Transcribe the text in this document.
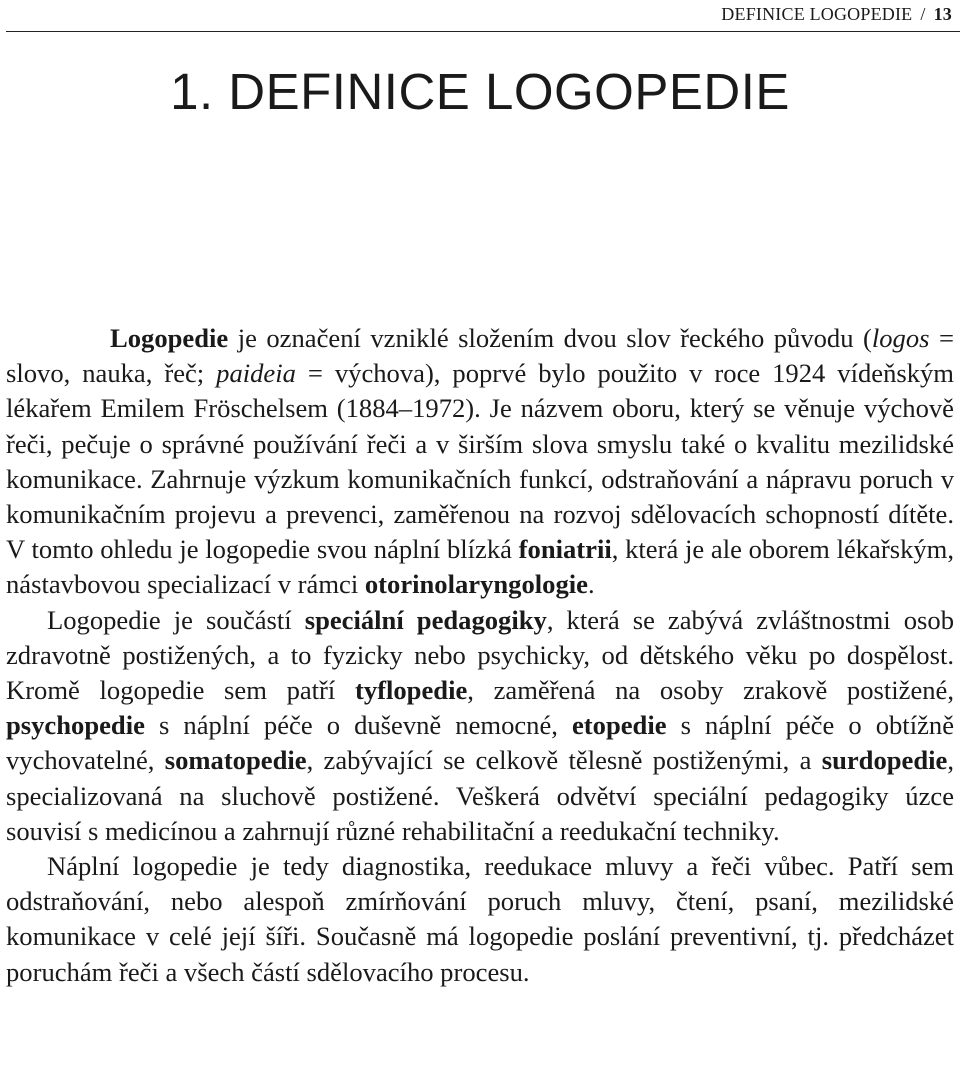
DEFINICE LOGOPEDIE / 13
1. DEFINICE LOGOPEDIE

Logopedie je označení vzniklé složením dvou slov řeckého původu (logos = slovo, nauka, řeč; paideia = výchova), poprvé bylo použito v roce 1924 vídeňským lékařem Emilem Fröschelsem (1884–1972). Je názvem oboru, který se věnuje výchově řeči, pečuje o správné používání řeči a v širším slova smyslu také o kvalitu mezilidské komunikace. Zahrnuje výzkum komunikačních funkcí, odstraňování a nápravu poruch v komunikačním projevu a prevenci, zaměřenou na rozvoj sdělovacích schopností dítěte. V tomto ohledu je logopedie svou náplní blízká foniatrii, která je ale oborem lékařským, nástavbovou specializací v rámci otorinolaryngologie.

Logopedie je součástí speciální pedagogiky, která se zabývá zvláštnostmi osob zdravotně postižených, a to fyzicky nebo psychicky, od dětského věku po dospělost. Kromě logopedie sem patří tyflopedie, zaměřená na osoby zrakově postižené, psychopedie s náplní péče o duševně nemocné, etopedie s náplní péče o obtížně vychovatelné, somatopedie, zabývající se celkově tělesně postiženými, a surdopedie, specializovaná na sluchově postižené. Veškerá odvětví speciální pedagogiky úzce souvisí s medicínou a zahrnují různé rehabilitační a reedukační techniky.

Náplní logopedie je tedy diagnostika, reedukace mluvy a řeči vůbec. Patří sem odstraňování, nebo alespoň zmírňování poruch mluvy, čtení, psaní, mezilidské komunikace v celé její šíři. Současně má logopedie poslání preventivní, tj. předcházet poruchám řeči a všech částí sdělovacího procesu.
